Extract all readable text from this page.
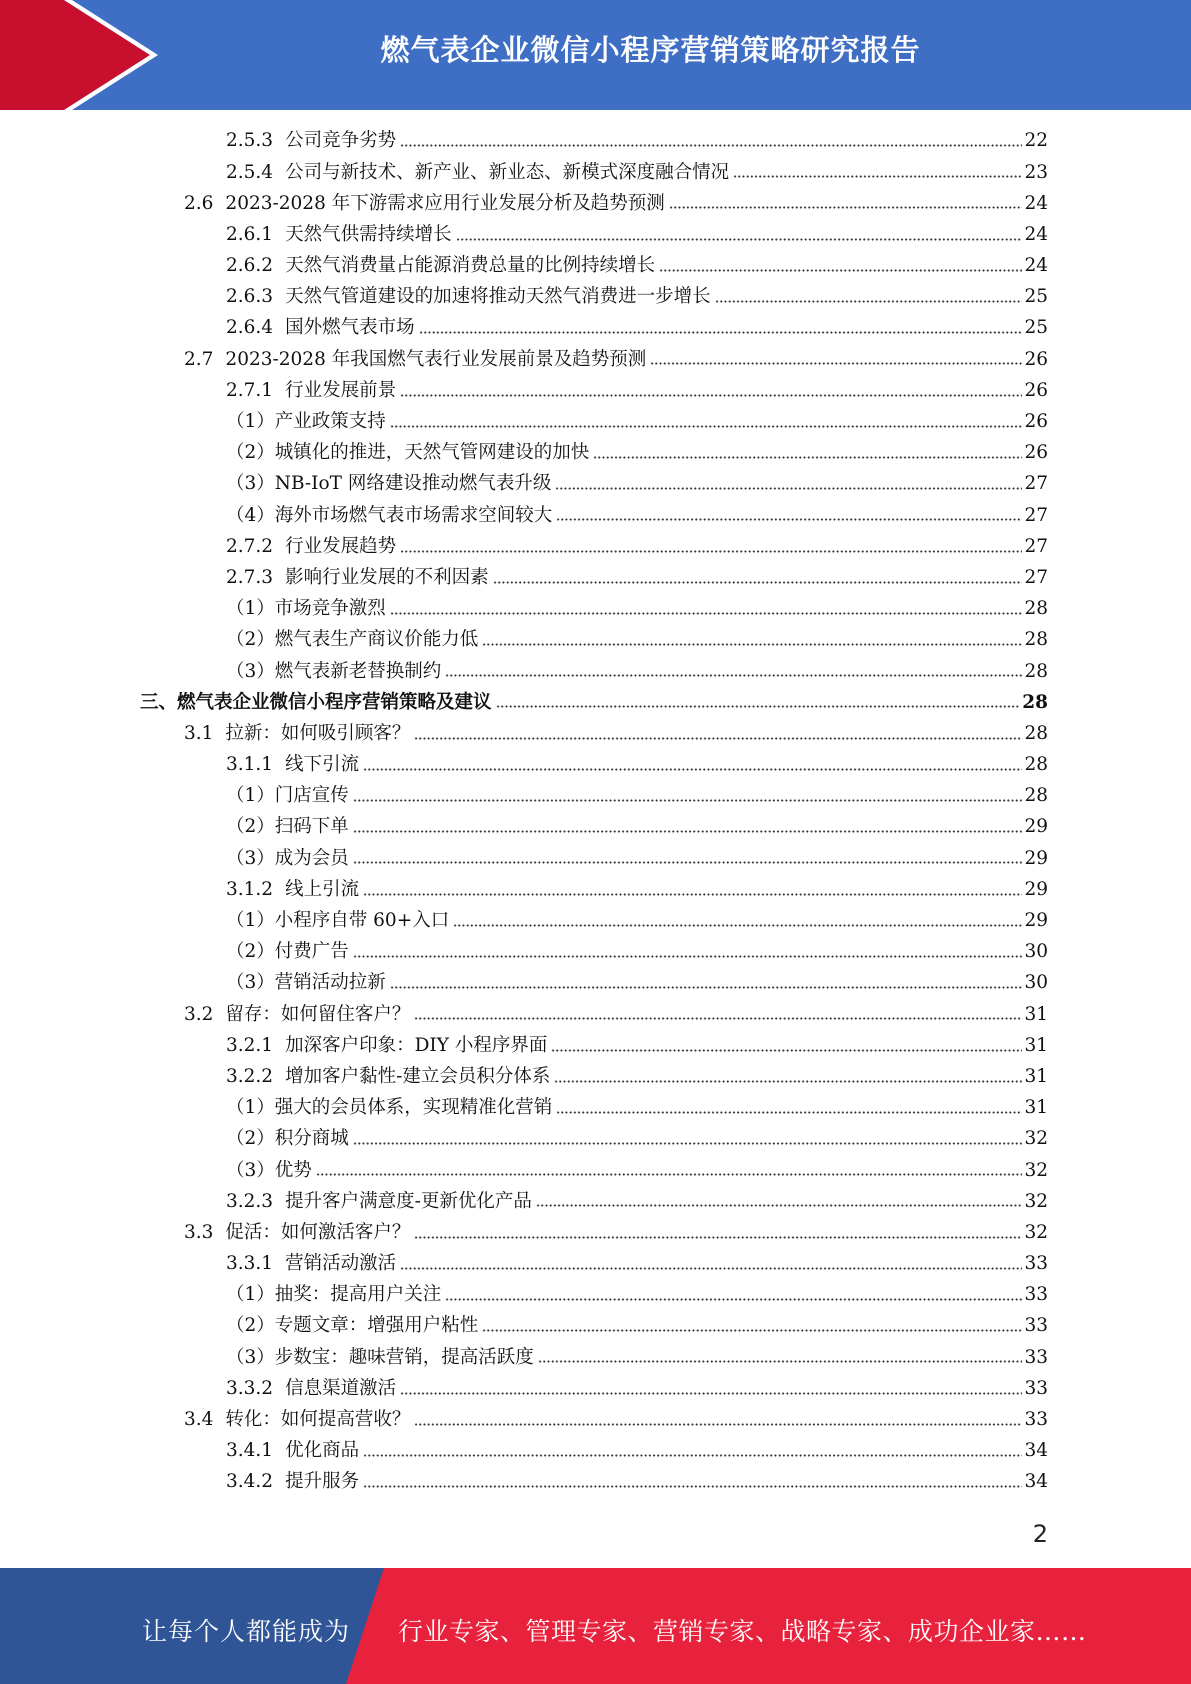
燃气表企业微信小程序营销策略研究报告
2.5.3 公司竞争劣势	22
2.5.4 公司与新技术、新产业、新业态、新模式深度融合情况	23
2.6 2023-2028 年下游需求应用行业发展分析及趋势预测	24
2.6.1 天然气供需持续增长	24
2.6.2 天然气消费量占能源消费总量的比例持续增长	24
2.6.3 天然气管道建设的加速将推动天然气消费进一步增长	25
2.6.4 国外燃气表市场	25
2.7 2023-2028 年我国燃气表行业发展前景及趋势预测	26
2.7.1 行业发展前景	26
（1）产业政策支持	26
（2）城镇化的推进，天然气管网建设的加快	26
（3）NB-IoT 网络建设推动燃气表升级	27
（4）海外市场燃气表市场需求空间较大	27
2.7.2 行业发展趋势	27
2.7.3 影响行业发展的不利因素	27
（1）市场竞争激烈	28
（2）燃气表生产商议价能力低	28
（3）燃气表新老替换制约	28
三、燃气表企业微信小程序营销策略及建议	28
3.1 拉新：如何吸引顾客？	28
3.1.1 线下引流	28
（1）门店宣传	28
（2）扫码下单	29
（3）成为会员	29
3.1.2 线上引流	29
（1）小程序自带 60+入口	29
（2）付费广告	30
（3）营销活动拉新	30
3.2 留存：如何留住客户？	31
3.2.1 加深客户印象：DIY 小程序界面	31
3.2.2 增加客户黏性-建立会员积分体系	31
（1）强大的会员体系，实现精准化营销	31
（2）积分商城	32
（3）优势	32
3.2.3 提升客户满意度-更新优化产品	32
3.3 促活：如何激活客户？	32
3.3.1 营销活动激活	33
（1）抽奖：提高用户关注	33
（2）专题文章：增强用户粘性	33
（3）步数宝：趣味营销，提高活跃度	33
3.3.2 信息渠道激活	33
3.4 转化：如何提高营收？	33
3.4.1 优化商品	34
3.4.2 提升服务	34
2
让每个人都能成为 行业专家、管理专家、营销专家、战略专家、成功企业家……
